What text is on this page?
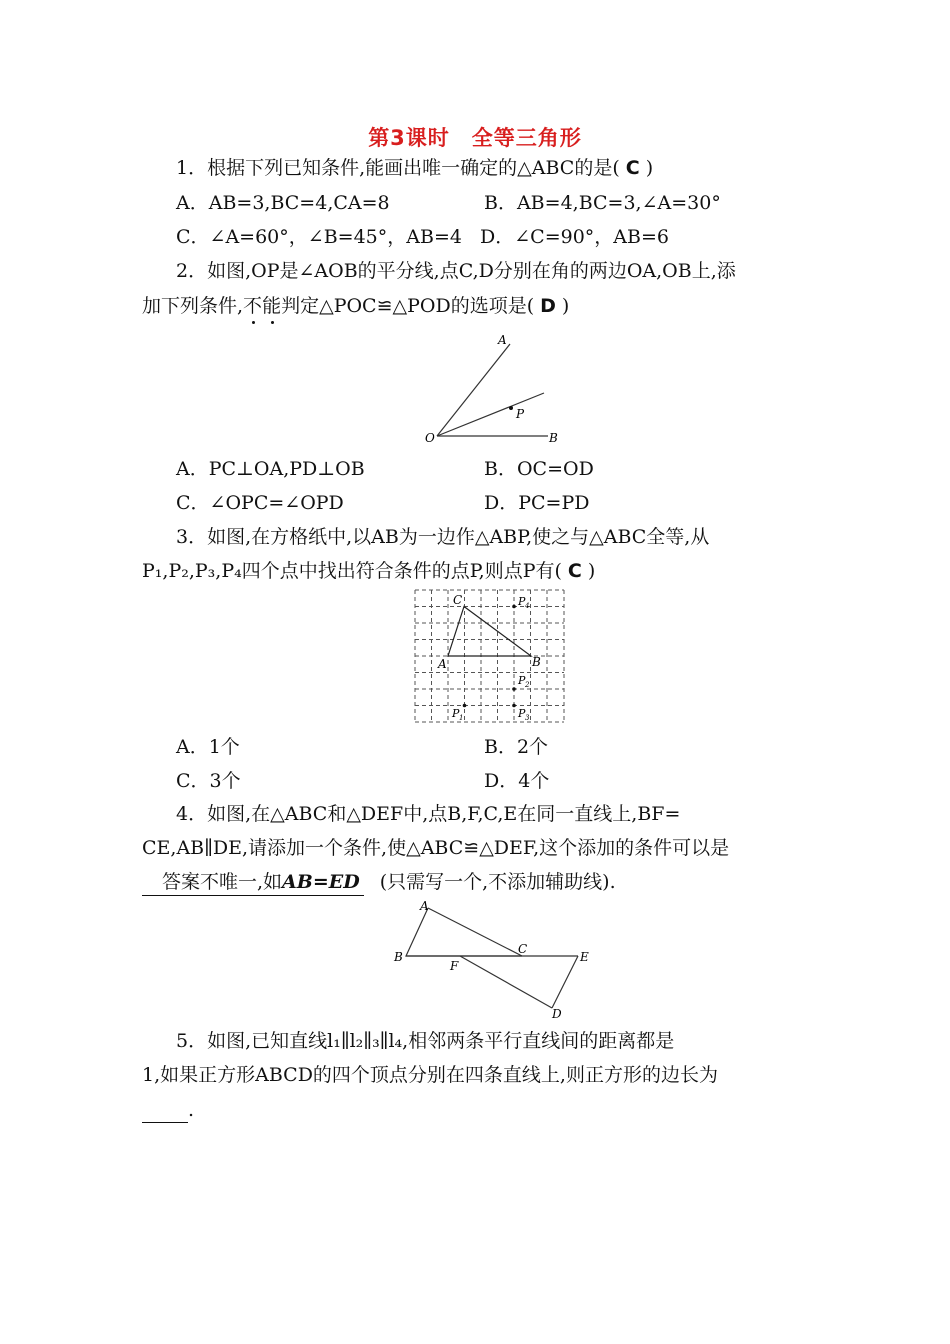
第3课时　全等三角形
1．根据下列已知条件,能画出唯一确定的△ABC的是( C )
A．AB=3,BC=4,CA=8	B．AB=4,BC=3,∠A=30°
C．∠A=60°，∠B=45°，AB=4 D．∠C=90°，AB=6
2．如图,OP是∠AOB的平分线,点C,D分别在角的两边OA,OB上,添
加下列条件,不
能
判定△POC≌△POD的选项是( D )
A
P
O	B
A．PC⊥OA,PD⊥OB	B．OC=OD
C．∠OPC=∠OPD	D．PC=PD
3．如图,在方格纸中,以AB为一边作△ABP,使之与△ABC全等,从
P₁,P₂,P₃,P₄四个点中找出符合条件的点P,则点P有( C )
C
A	B
P 4
P 2
P 1	P 3
A．1个	B．2个
C．3个	D．4个
4．如图,在△ABC和△DEF中,点B,F,C,E在同一直线上,BF=
CE,AB∥DE,请添加一个条件,使△ABC≌△DEF,这个添加的条件可以是
答案不唯一,如AB=ED (只需写一个,不添加辅助线).
A
B
F
C
E
D
5．如图,已知直线l₁∥l₂∥₃∥l₄,相邻两条平行直线间的距离都是
1,如果正方形ABCD的四个顶点分别在四条直线上,则正方形的边长为
.
